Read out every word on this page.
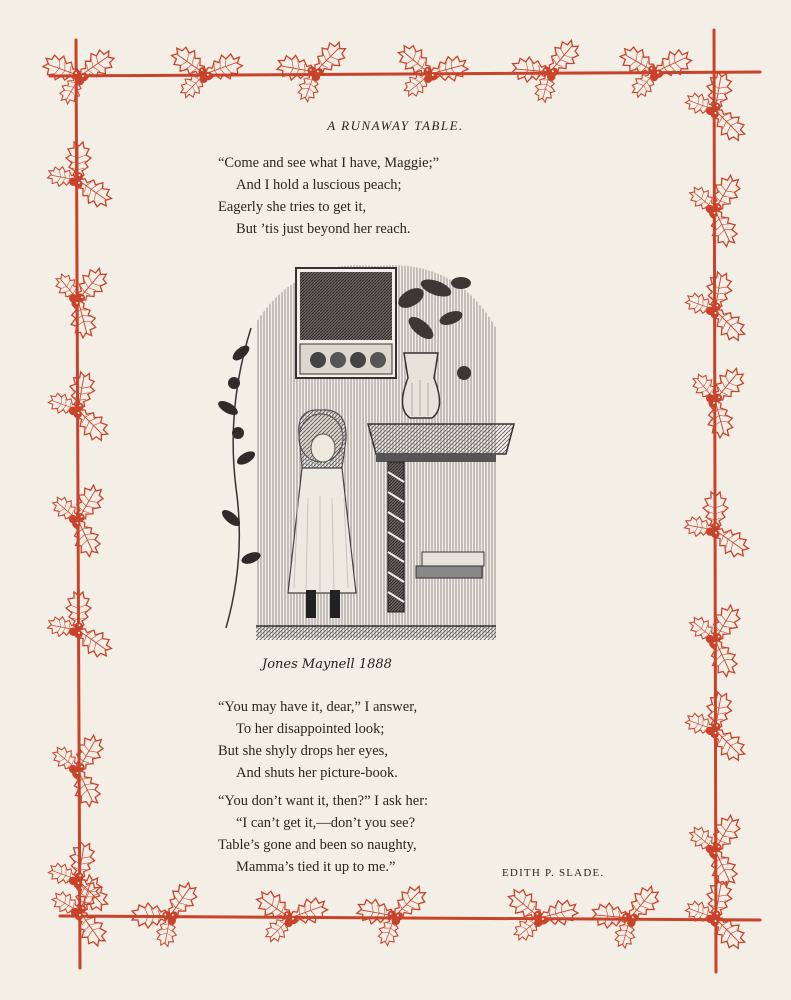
A RUNAWAY TABLE.
“Come and see what I have, Maggie;”
And I hold a luscious peach;
Eagerly she tries to get it,
But ’tis just beyond her reach.
Jones Maynell 1888
“You may have it, dear,” I answer,
To her disappointed look;
But she shyly drops her eyes,
And shuts her picture-book.
“You don’t want it, then?” I ask her:
“I can’t get it,—don’t you see?
Table’s gone and been so naughty,
Mamma’s tied it up to me.”	EDITH P. SLADE.
